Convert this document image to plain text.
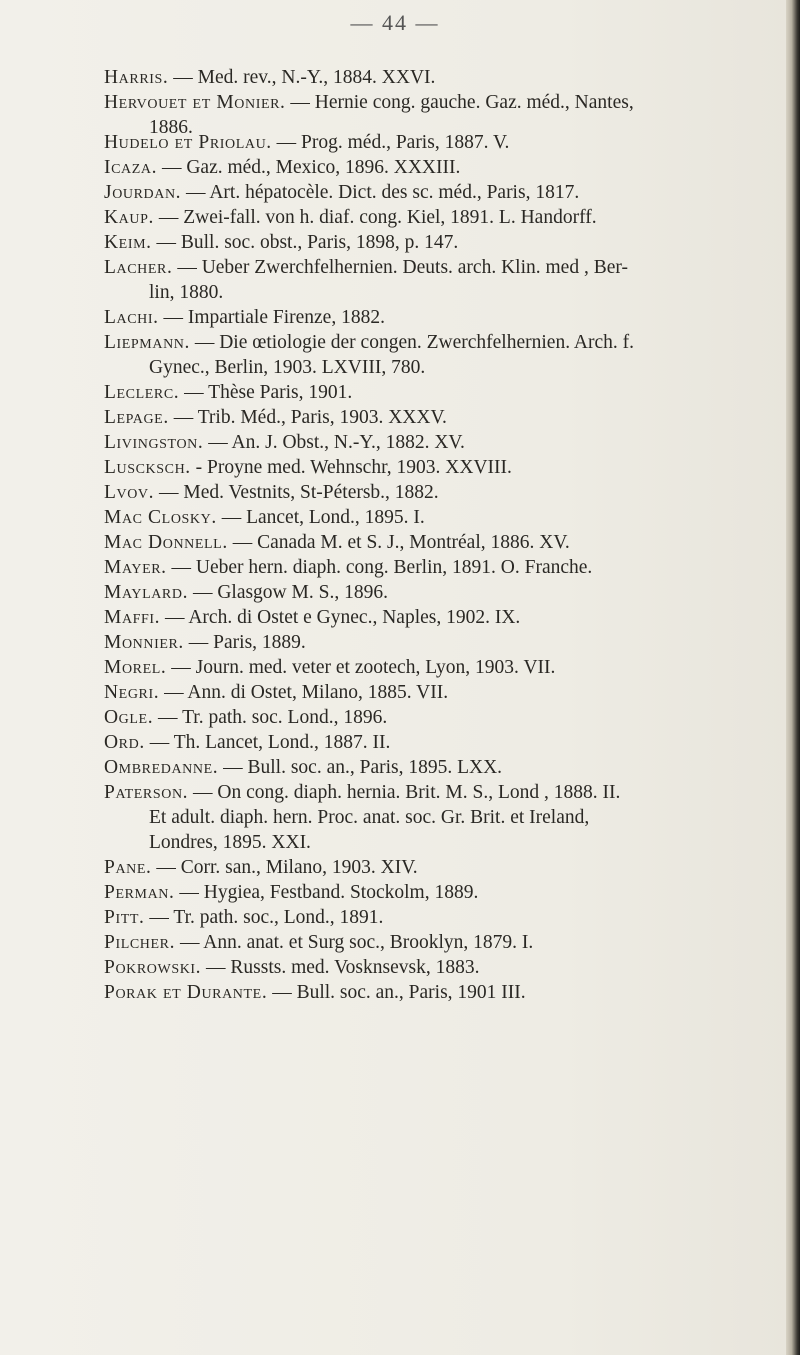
— 44 —
Harris. — Med. rev., N.-Y., 1884. XXVI.
Hervouet et Monier. — Hernie cong. gauche. Gaz. méd., Nantes,
1886.
Hudelo et Priolau. — Prog. méd., Paris, 1887. V.
Icaza. — Gaz. méd., Mexico, 1896. XXXIII.
Jourdan. — Art. hépatocèle. Dict. des sc. méd., Paris, 1817.
Kaup. — Zwei-fall. von h. diaf. cong. Kiel, 1891. L. Handorff.
Keim. — Bull. soc. obst., Paris, 1898, p. 147.
Lacher. — Ueber Zwerchfelhernien. Deuts. arch. Klin. med , Ber-
lin, 1880.
Lachi. — Impartiale Firenze, 1882.
Liepmann. — Die œtiologie der congen. Zwerchfelhernien. Arch. f.
Gynec., Berlin, 1903. LXVIII, 780.
Leclerc. — Thèse Paris, 1901.
Lepage. — Trib. Méd., Paris, 1903. XXXV.
Livingston. — An. J. Obst., N.-Y., 1882. XV.
Lusckscн. - Proyne med. Wehnschr, 1903. XXVIII.
Lvov. — Med. Vestnits, St-Pétersb., 1882.
Mac Closky. — Lancet, Lond., 1895. I.
Mac Donnell. — Canada M. et S. J., Montréal, 1886. XV.
Mayer. — Ueber hern. diaph. cong. Berlin, 1891. O. Franche.
Maylard. — Glasgow M. S., 1896.
Maffi. — Arch. di Ostet e Gynec., Naples, 1902. IX.
Monnier. — Paris, 1889.
Morel. — Journ. med. veter et zootech, Lyon, 1903. VII.
Negri. — Ann. di Ostet, Milano, 1885. VII.
Ogle. — Tr. path. soc. Lond., 1896.
Ord. — Th. Lancet, Lond., 1887. II.
Ombredanne. — Bull. soc. an., Paris, 1895. LXX.
Paterson. — On cong. diaph. hernia. Brit. M. S., Lond , 1888. II.
Et adult. diaph. hern. Proc. anat. soc. Gr. Brit. et Ireland,
Londres, 1895. XXI.
Pane. — Corr. san., Milano, 1903. XIV.
Perman. — Hygiea, Festband. Stockolm, 1889.
Pitt. — Tr. path. soc., Lond., 1891.
Pilcher. — Ann. anat. et Surg soc., Brooklyn, 1879. I.
Pokrowski. — Russts. med. Vosknsevsk, 1883.
Porak et Durante. — Bull. soc. an., Paris, 1901 III.
